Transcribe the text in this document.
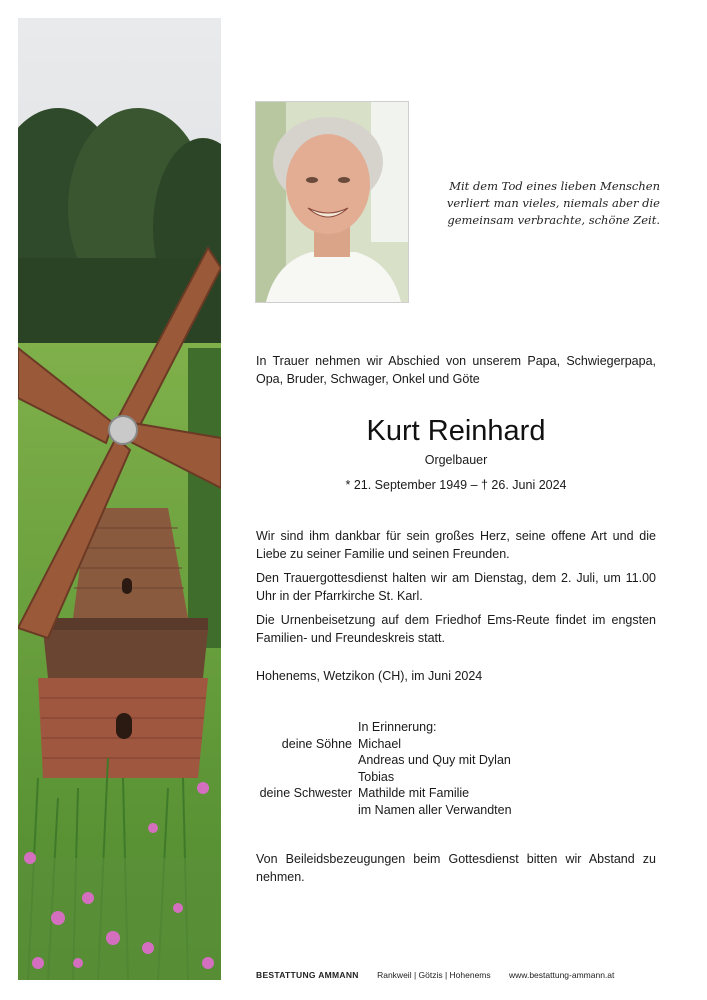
Mit dem Tod eines lieben Menschen
verliert man vieles, niemals aber die
gemeinsam verbrachte, schöne Zeit.
In Trauer nehmen wir Abschied von unserem Papa, Schwiegerpapa, Opa, Bruder, Schwager, Onkel und Göte
Kurt Reinhard
Orgelbauer
* 21. September 1949 – † 26. Juni 2024

Wir sind ihm dankbar für sein großes Herz, seine offene Art und die Liebe zu seiner Familie und seinen Freunden.

Den Trauergottesdienst halten wir am Dienstag, dem 2. Juli, um 11.00 Uhr in der Pfarrkirche St. Karl.

Die Urnenbeisetzung auf dem Friedhof Ems-Reute findet im engsten Familien- und Freundeskreis statt.

Hohenems, Wetzikon (CH), im Juni 2024
deine Söhne
deine Schwester
In Erinnerung:
Michael
Andreas und Quy mit Dylan
Tobias
Mathilde mit Familie
im Namen aller Verwandten
Von Beileidsbezeugungen beim Gottesdienst bitten wir Abstand zu nehmen.
BESTATTUNG AMMANN Rankweil | Götzis | Hohenems www.bestattung-ammann.at
